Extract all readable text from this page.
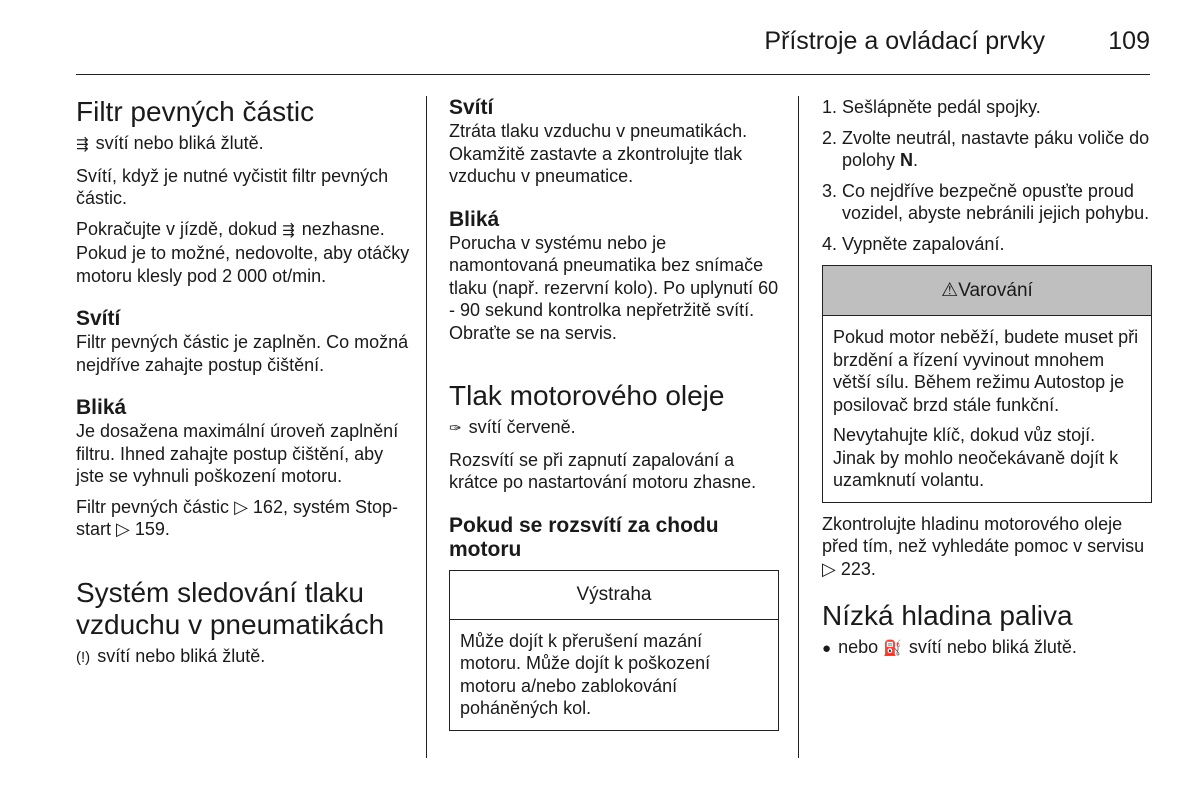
Přístroje a ovládací prvky	109
Filtr pevných částic

⇶ svítí nebo bliká žlutě.

Svítí, když je nutné vyčistit filtr pevných částic.

Pokračujte v jízdě, dokud ⇶ nezhasne. Pokud je to možné, nedovolte, aby otáčky motoru klesly pod 2 000 ot/min.

Svítí

Filtr pevných částic je zaplněn. Co možná nejdříve zahajte postup čištění.

Bliká

Je dosažena maximální úroveň zaplnění filtru. Ihned zahajte postup čištění, aby jste se vyhnuli poškození motoru.

Filtr pevných částic ▷ 162, systém Stop-start ▷ 159.

Systém sledování tlaku vzduchu v pneumatikách

(!) svítí nebo bliká žlutě.

Svítí

Ztráta tlaku vzduchu v pneumatikách. Okamžitě zastavte a zkontrolujte tlak vzduchu v pneumatice.

Bliká

Porucha v systému nebo je namontovaná pneumatika bez snímače tlaku (např. rezervní kolo). Po uplynutí 60 - 90 sekund kontrolka nepřetržitě svítí. Obraťte se na servis.

Tlak motorového oleje

✑ svítí červeně.

Rozsvítí se při zapnutí zapalování a krátce po nastartování motoru zhasne.

Pokud se rozsvítí za chodu motoru
Výstraha

Může dojít k přerušení mazání motoru. Může dojít k poškození motoru a/nebo zablokování poháněných kol.

1. Sešlápněte pedál spojky.
2. Zvolte neutrál, nastavte páku voliče do polohy N.
3. Co nejdříve bezpečně opusťte proud vozidel, abyste nebránili jejich pohybu.
4. Vypněte zapalování.
⚠Varování

Pokud motor neběží, budete muset při brzdění a řízení vyvinout mnohem větší sílu. Během režimu Autostop je posilovač brzd stále funkční.

Nevytahujte klíč, dokud vůz stojí. Jinak by mohlo neočekávaně dojít k uzamknutí volantu.

Zkontrolujte hladinu motorového oleje před tím, než vyhledáte pomoc v servisu ▷ 223.

Nízká hladina paliva

● nebo ⛽ svítí nebo bliká žlutě.
